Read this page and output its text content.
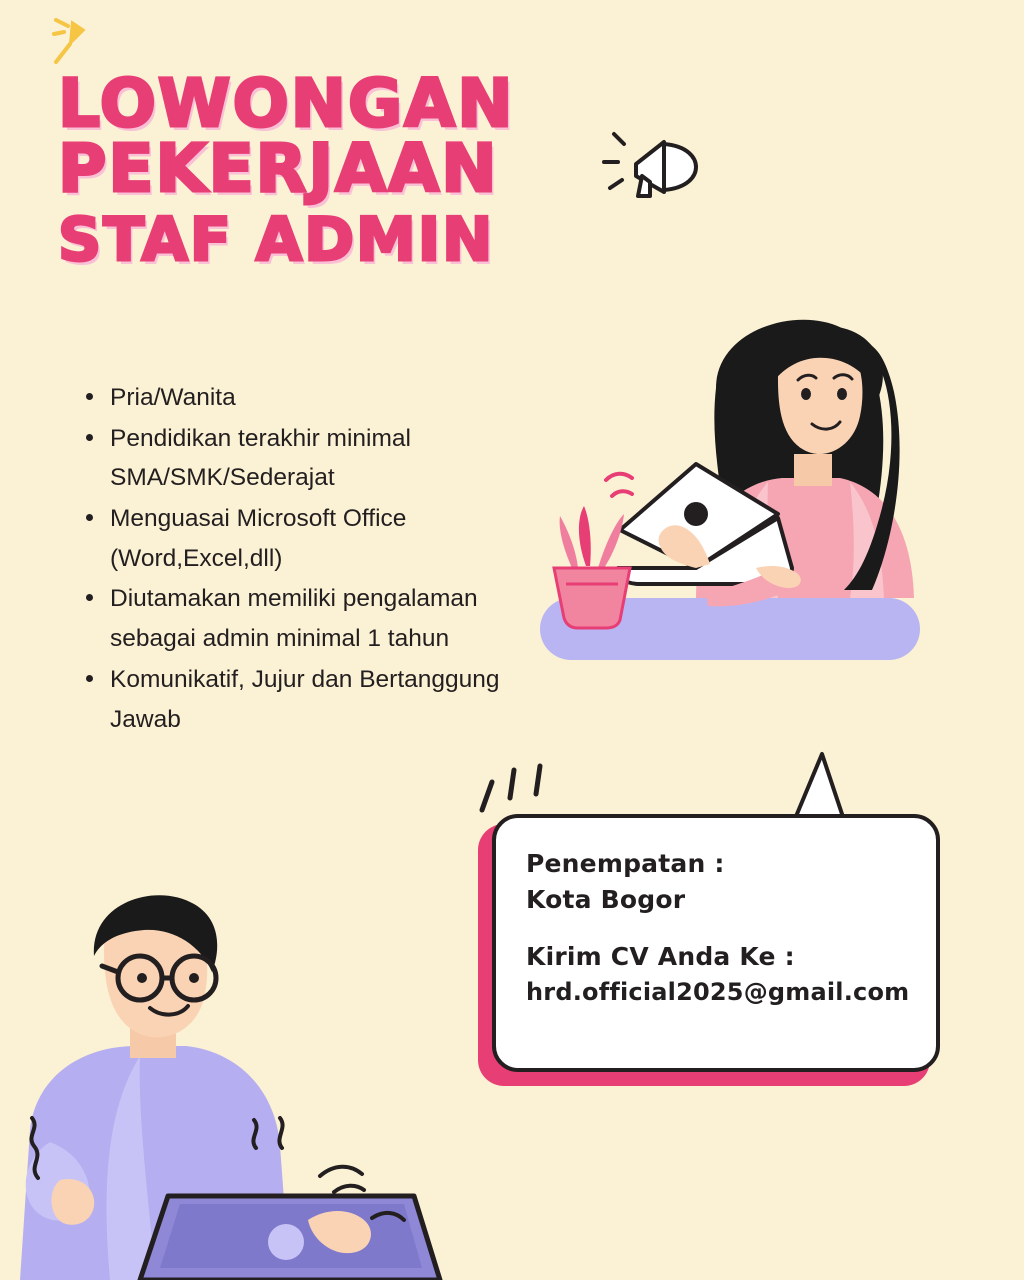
LOWONGAN
PEKERJAAN
STAF ADMIN
Pria/Wanita
Pendidikan terakhir minimal SMA/SMK/Sederajat
Menguasai Microsoft Office (Word,Excel,dll)
Diutamakan memiliki pengalaman sebagai admin minimal 1 tahun
Komunikatif, Jujur dan Bertanggung Jawab
Penempatan :
Kota Bogor
Kirim CV Anda Ke :
hrd.official2025@gmail.com
